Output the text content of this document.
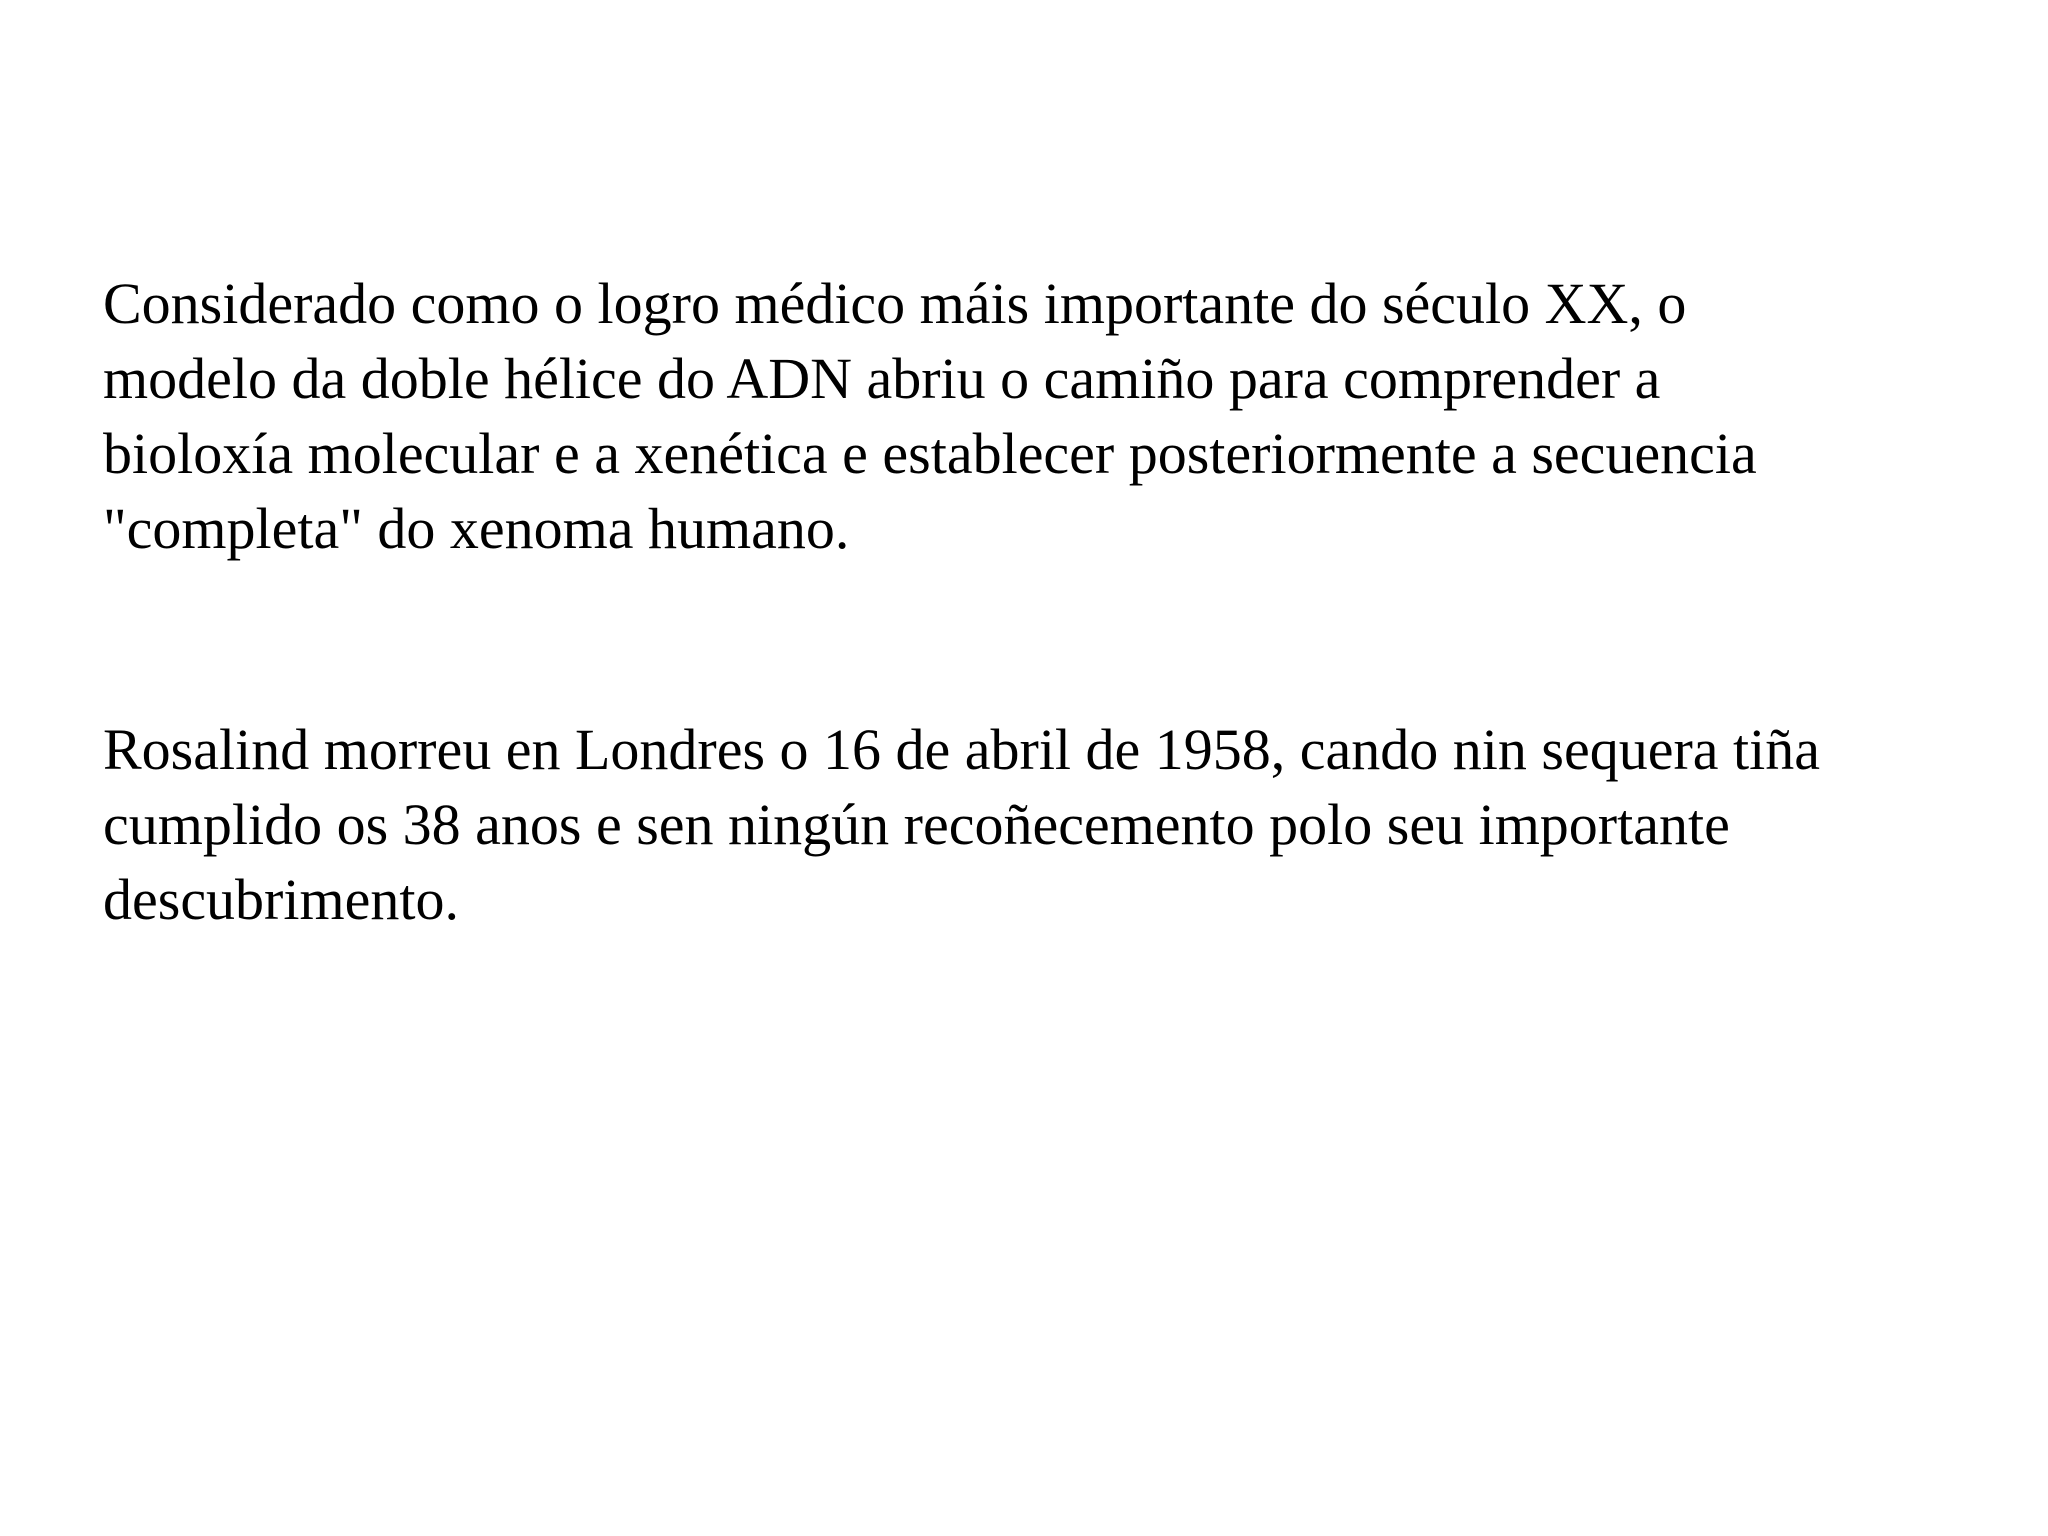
Considerado como o logro médico máis importante do século XX, o
modelo da doble hélice do ADN abriu o camiño para comprender a
bioloxía molecular e a xenética e establecer posteriormente a secuencia
"completa" do xenoma humano.

Rosalind morreu en Londres o 16 de abril de 1958, cando nin sequera tiña
cumplido os 38 anos e sen ningún recoñecemento polo seu importante
descubrimento.
